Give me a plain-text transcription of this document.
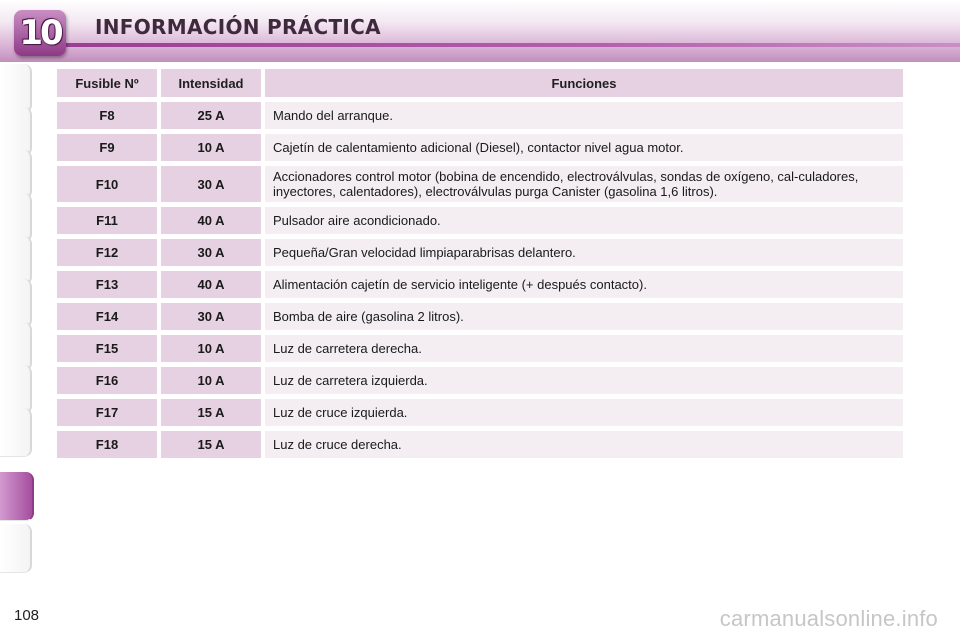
10 INFORMACIÓN PRÁCTICA
Fusible Nº		Intensidad		Funciones
F8		25 A		Mando del arranque.
F9		10 A		Cajetín de calentamiento adicional (Diesel), contactor nivel agua motor.
F10		30 A		Accionadores control motor (bobina de encendido, electroválvulas, sondas de oxígeno, cal-culadores, inyectores, calentadores), electroválvulas purga Canister (gasolina 1,6 litros).
F11		40 A		Pulsador aire acondicionado.
F12		30 A		Pequeña/Gran velocidad limpiaparabrisas delantero.
F13		40 A		Alimentación cajetín de servicio inteligente (+ después contacto).
F14		30 A		Bomba de aire (gasolina 2 litros).
F15		10 A		Luz de carretera derecha.
F16		10 A		Luz de carretera izquierda.
F17		15 A		Luz de cruce izquierda.
F18		15 A		Luz de cruce derecha.
108	carmanualsonline.info
